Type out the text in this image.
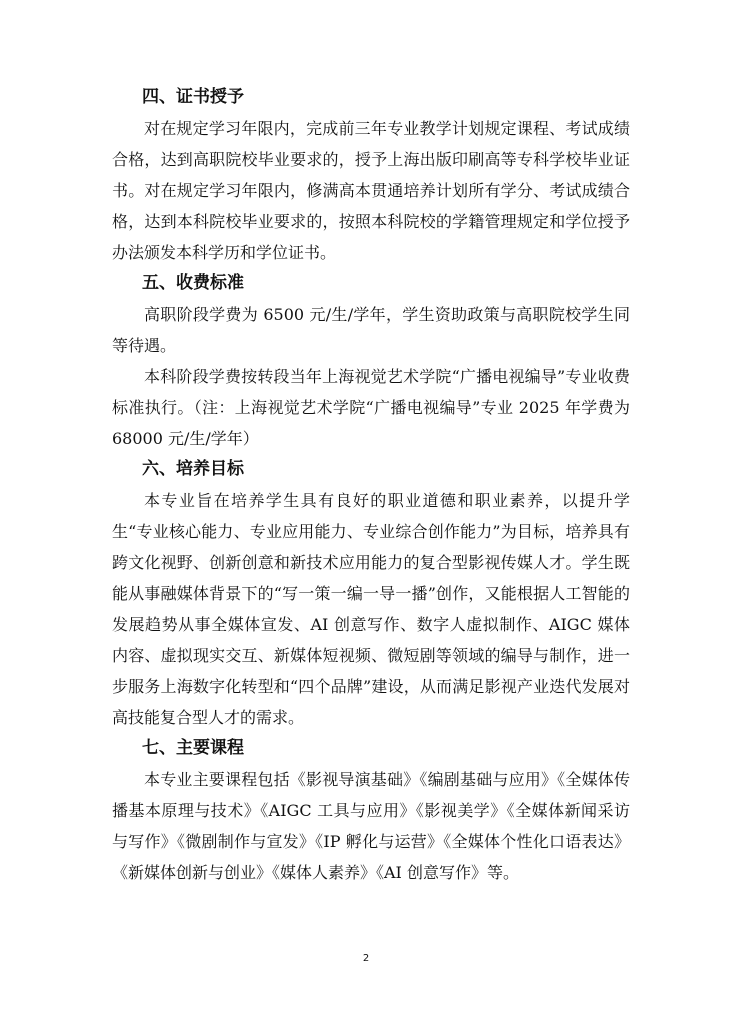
四、证书授予

对在规定学习年限内，完成前三年专业教学计划规定课程、考试成绩合格，达到高职院校毕业要求的，授予上海出版印刷高等专科学校毕业证书。对在规定学习年限内，修满高本贯通培养计划所有学分、考试成绩合格，达到本科院校毕业要求的，按照本科院校的学籍管理规定和学位授予办法颁发本科学历和学位证书。

五、收费标准

高职阶段学费为 6500 元/生/学年，学生资助政策与高职院校学生同等待遇。

本科阶段学费按转段当年上海视觉艺术学院“广播电视编导”专业收费标准执行。（注：上海视觉艺术学院“广播电视编导”专业 2025 年学费为 68000 元/生/学年）

六、培养目标

本专业旨在培养学生具有良好的职业道德和职业素养，以提升学生“专业核心能力、专业应用能力、专业综合创作能力”为目标，培养具有跨文化视野、创新创意和新技术应用能力的复合型影视传媒人才。学生既能从事融媒体背景下的“写一策一编一导一播”创作，又能根据人工智能的发展趋势从事全媒体宣发、AI 创意写作、数字人虚拟制作、AIGC 媒体内容、虚拟现实交互、新媒体短视频、微短剧等领域的编导与制作，进一步服务上海数字化转型和“四个品牌”建设，从而满足影视产业迭代发展对高技能复合型人才的需求。

七、主要课程

本专业主要课程包括《影视导演基础》《编剧基础与应用》《全媒体传播基本原理与技术》《AIGC 工具与应用》《影视美学》《全媒体新闻采访与写作》《微剧制作与宣发》《IP 孵化与运营》《全媒体个性化口语表达》《新媒体创新与创业》《媒体人素养》《AI 创意写作》等。

2
